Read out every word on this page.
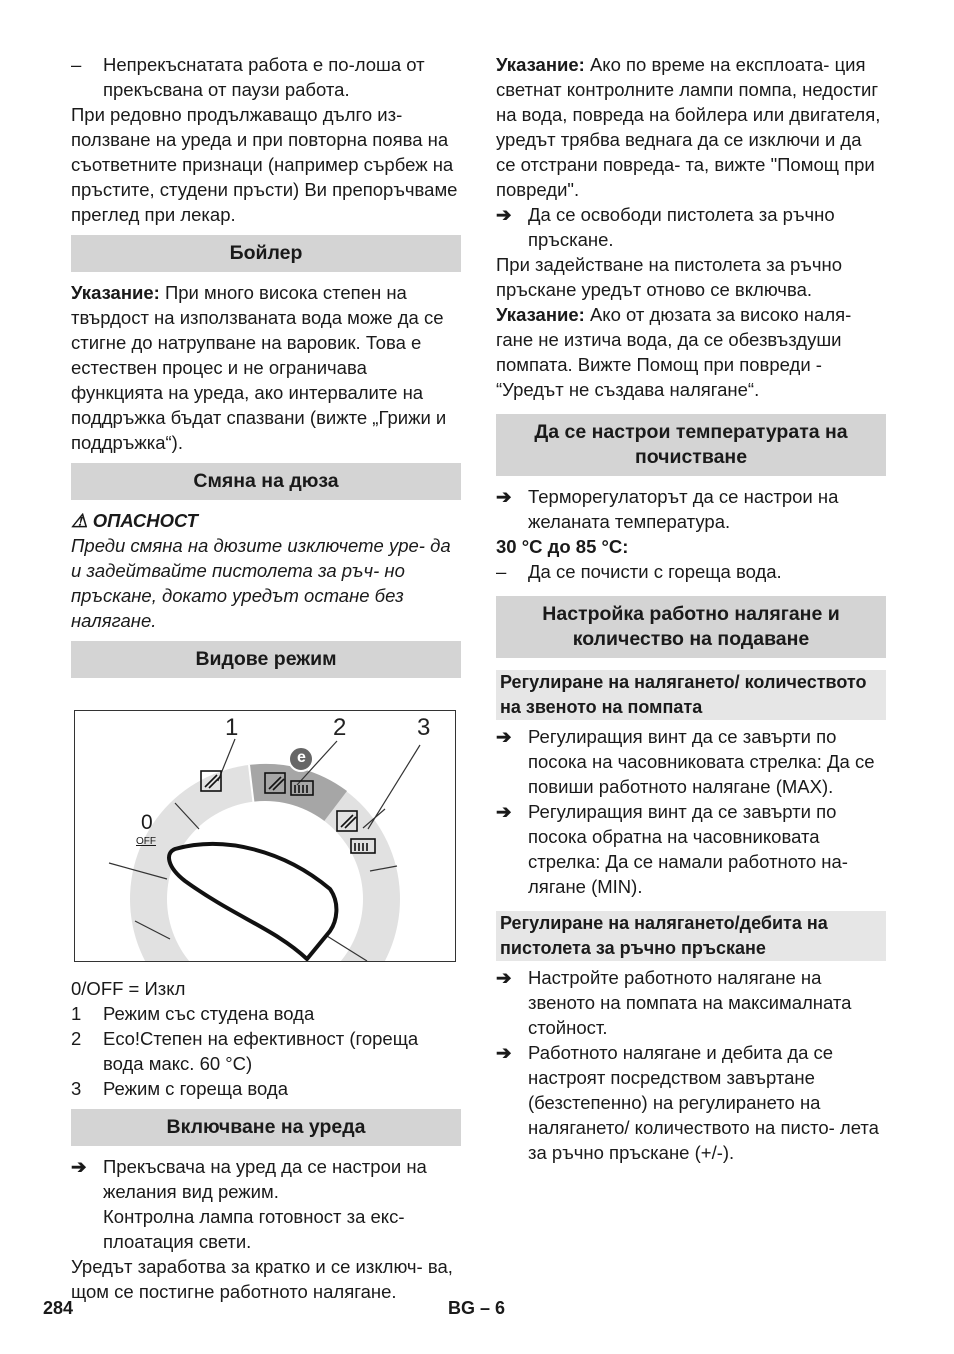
–	Непрекъснатата работа е по-лоша от прекъсвана от паузи работа.

При редовно продължаващо дълго из- ползване на уреда и при повторна поява на съответните признаци (например сърбеж на пръстите, студени пръсти) Ви препоръчваме преглед при лекар.

Бойлер

Указание: При много висока степен на твърдост на използваната вода може да се стигне до натрупване на варовик. Това е естествен процес и не ограничава функцията на уреда, ако интервалите на поддръжка бъдат спазвани (вижте „Грижи и поддръжка“).

Смяна на дюза
⚠ ОПАСНОСТ

Преди смяна на дюзите изключете уре- да и задейтвайте пистолета за ръч- но пръскане, докато уредът остане без налягане.

Видове режим
1	2	3
0
OFF
e

0/OFF = Изкл

1 Режим със студена вода
2 Eco!Степен на ефективност (гореща вода макс. 60 °C)
3 Режим с гореща вода
Включване на уреда
➔ Прекъсвача на уред да се настрои на желания вид режим.
Контролна лампа готовност за екс- плоатация свети.

Уредът заработва за кратко и се изключ- ва, щом се постигне работното налягане.

Указание: Ако по време на експлоата- ция светнат контролните лампи помпа, недостиг на вода, повреда на бойлера или двигателя, уредът трябва веднага да се изключи и да се отстрани повреда- та, вижте "Помощ при повреди".

➔ Да се освободи пистолета за ръчно пръскане.

При задействане на пистолета за ръчно пръскане уредът отново се включва.

Указание: Ако от дюзата за високо наля- гане не изтича вода, да се обезвъздуши помпата. Вижте Помощ при повреди - “Уредът не създава налягане“.

Да се настрои температурата на почистване
➔ Терморегулаторът да се настрои на желаната температура.

30 °C до 85 °C:

–	Да се почисти с гореща вода.
Настройка работно налягане и количество на подаване
Регулиране на налягането/ количеството на звеното на помпата
➔ Регулиращия винт да се завърти по посока на часовниковата стрелка: Да се повиши работното налягане (MAX).
➔ Регулиращия винт да се завърти по посока обратна на часовниковата стрелка: Да се намали работното на- лягане (MIN).
Регулиране на налягането/дебита на пистолета за ръчно пръскане
➔ Настройте работното налягане на звеното на помпата на максималната стойност.
➔ Работното налягане и дебита да се настроят посредством завъртане (безстепенно) на регулирането на налягането/ количеството на писто- лета за ръчно пръскане (+/-).
284	BG – 6
